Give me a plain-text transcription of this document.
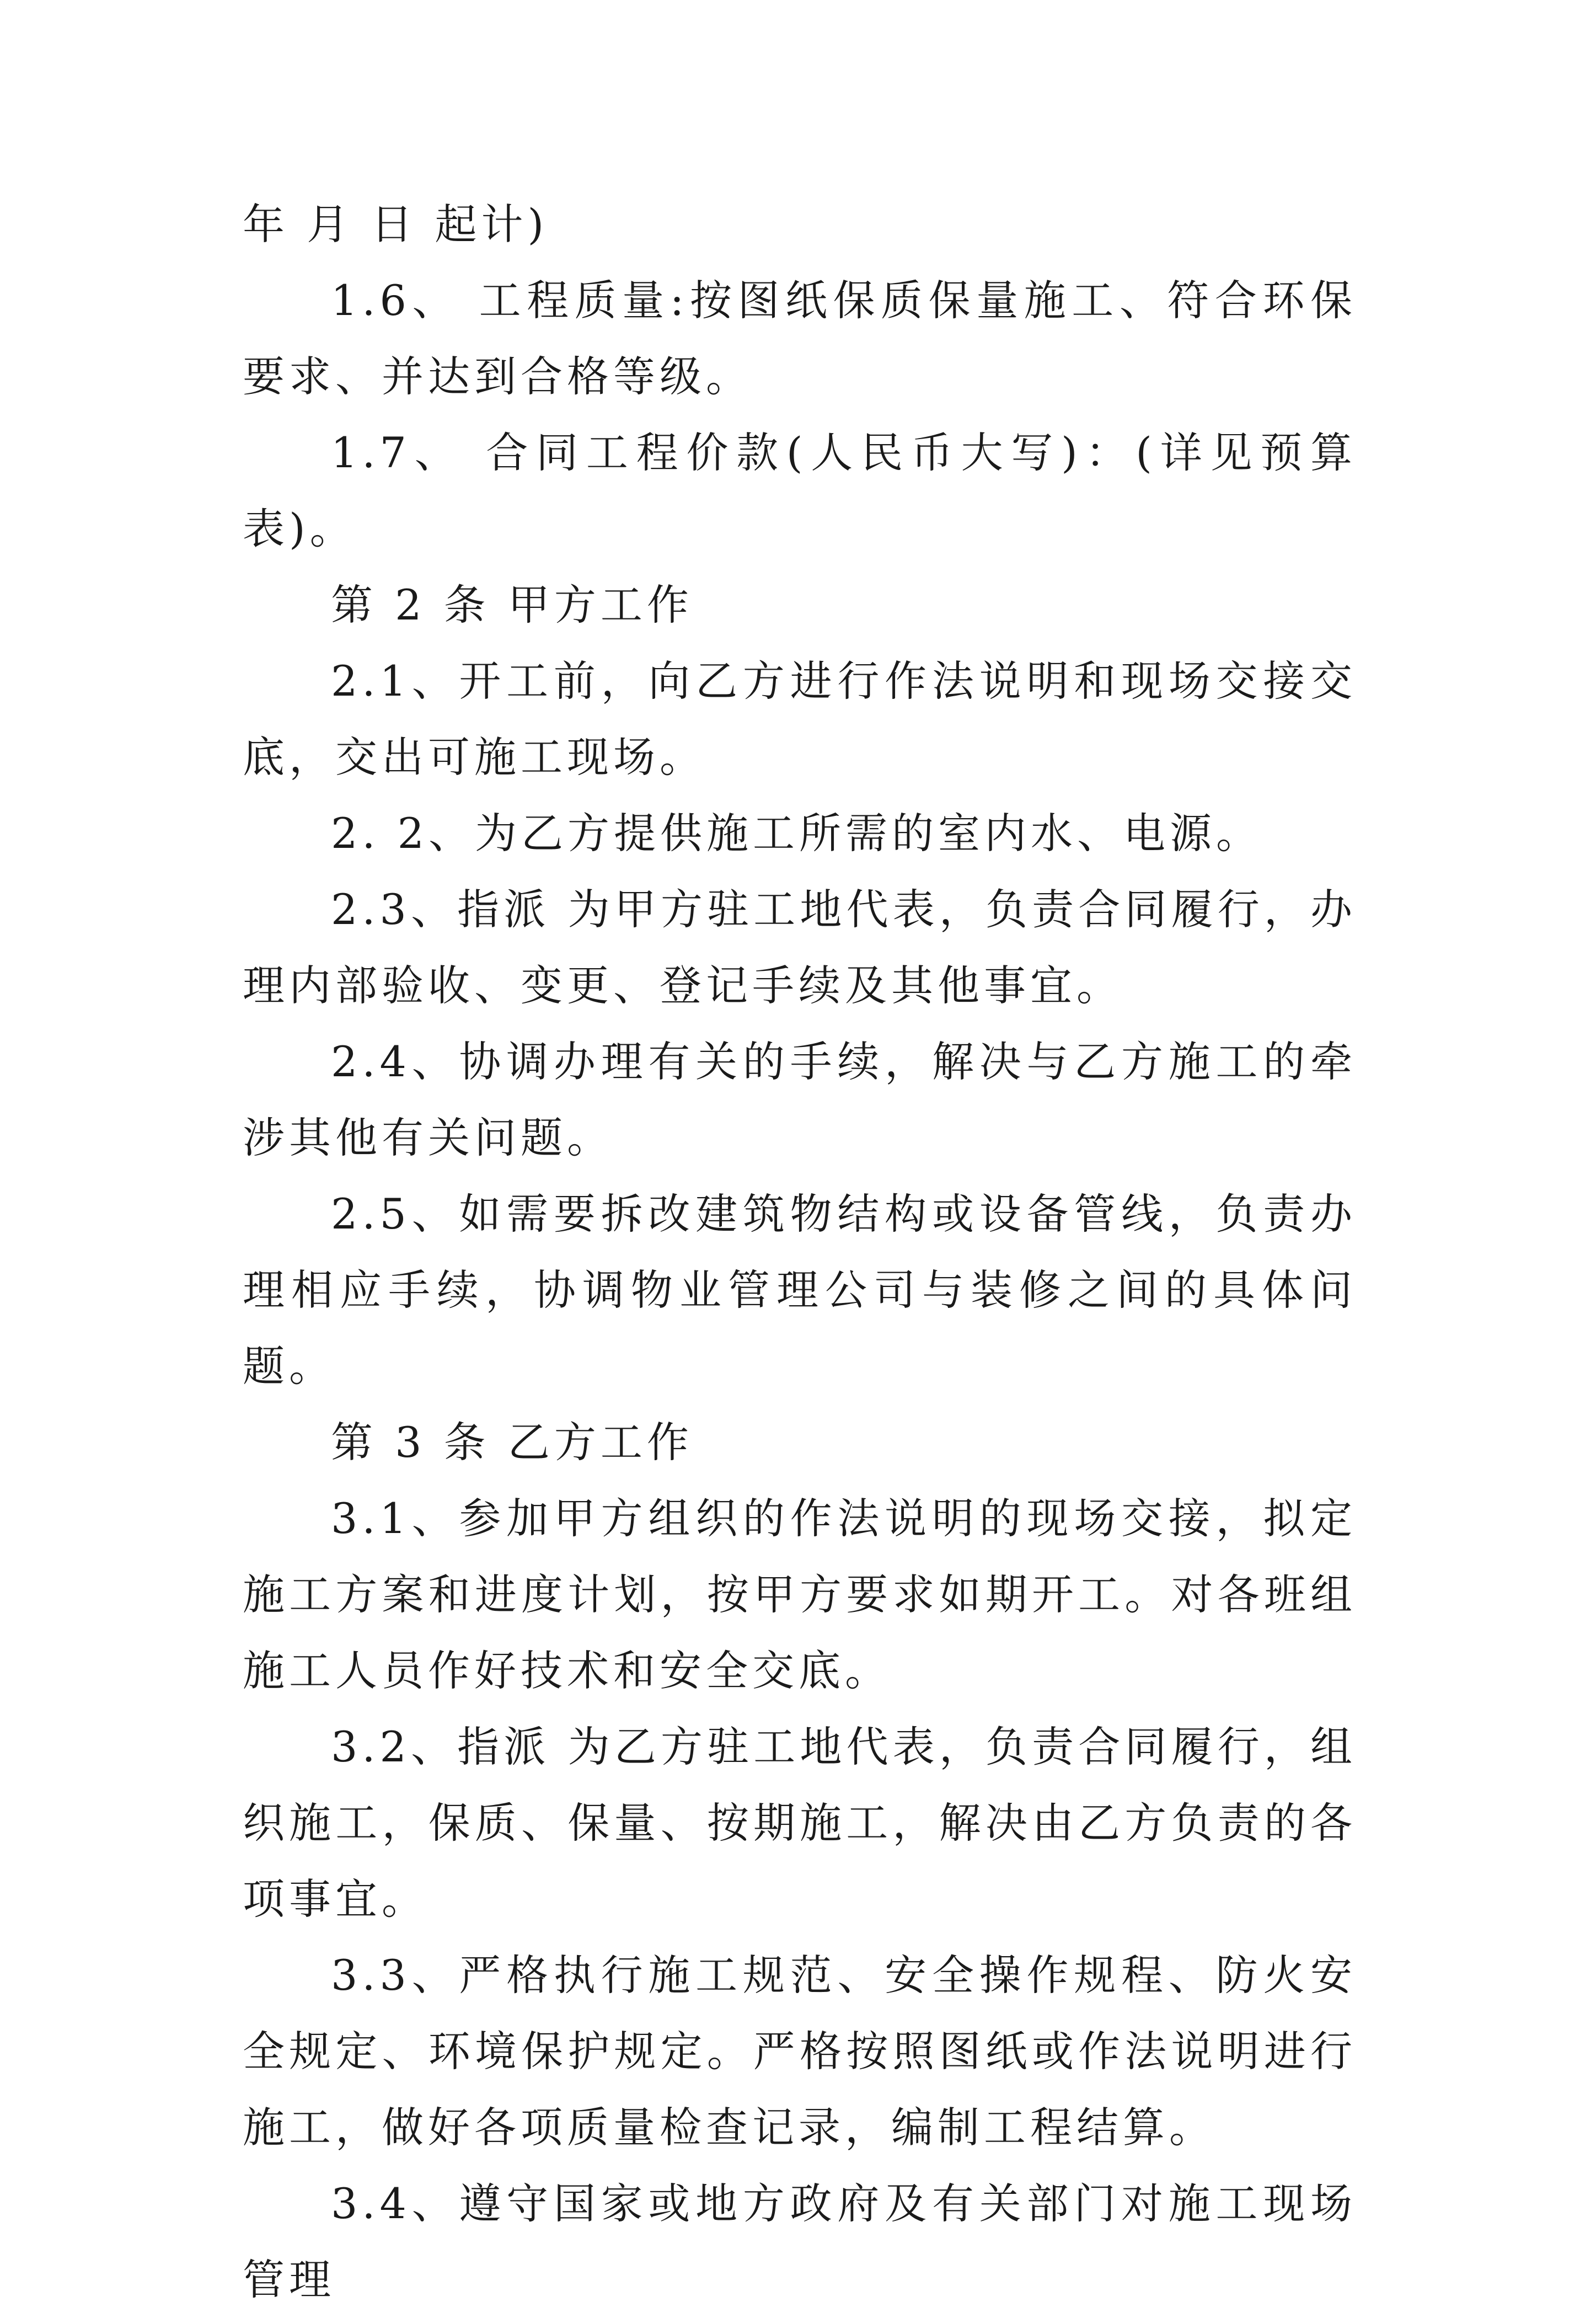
年 月 日 起计)

1.6、 工程质量:按图纸保质保量施工、符合环保要求、并达到合格等级。

1.7、 合同工程价款(人民币大写)：(详见预算表)。

第 2 条 甲方工作

2.1、开工前，向乙方进行作法说明和现场交接交底，交出可施工现场。

2. 2、为乙方提供施工所需的室内水、电源。

2.3、指派 为甲方驻工地代表，负责合同履行，办理内部验收、变更、登记手续及其他事宜。

2.4、协调办理有关的手续，解决与乙方施工的牵涉其他有关问题。

2.5、如需要拆改建筑物结构或设备管线，负责办理相应手续，协调物业管理公司与装修之间的具体问题。

第 3 条 乙方工作

3.1、参加甲方组织的作法说明的现场交接，拟定施工方案和进度计划，按甲方要求如期开工。对各班组施工人员作好技术和安全交底。

3.2、指派 为乙方驻工地代表，负责合同履行，组织施工，保质、保量、按期施工，解决由乙方负责的各项事宜。

3.3、严格执行施工规范、安全操作规程、防火安全规定、环境保护规定。严格按照图纸或作法说明进行施工，做好各项质量检查记录，编制工程结算。

3.4、遵守国家或地方政府及有关部门对施工现场管理
